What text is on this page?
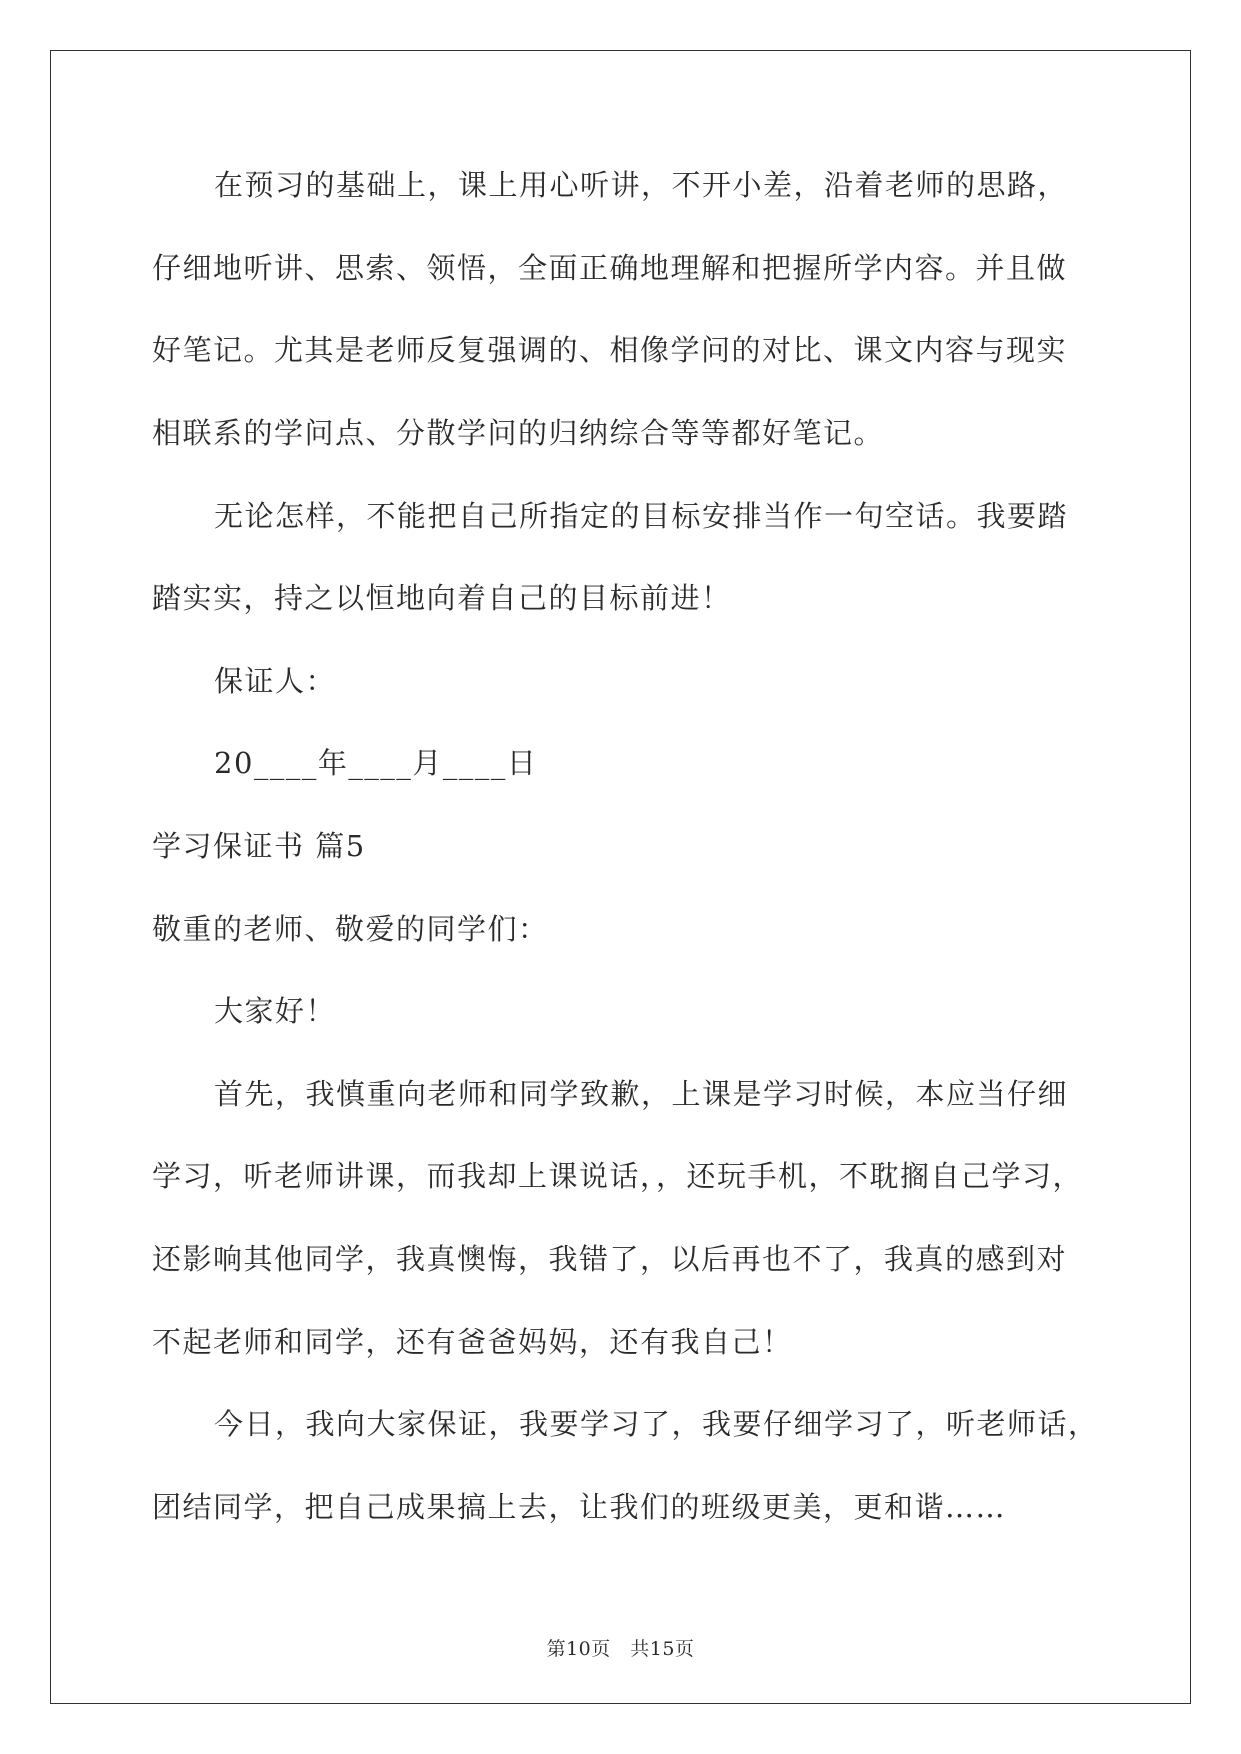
在预习的基础上，课上用心听讲，不开小差，沿着老师的思路，
仔细地听讲、思索、领悟，全面正确地理解和把握所学内容。并且做
好笔记。尤其是老师反复强调的、相像学问的对比、课文内容与现实
相联系的学问点、分散学问的归纳综合等等都好笔记。
无论怎样，不能把自己所指定的目标安排当作一句空话。我要踏
踏实实，持之以恒地向着自己的目标前进！
保证人：
20____年____月____日
学习保证书 篇5
敬重的老师、敬爱的同学们：
大家好！
首先，我慎重向老师和同学致歉，上课是学习时候，本应当仔细
学习，听老师讲课，而我却上课说话，，还玩手机，不耽搁自己学习，
还影响其他同学，我真懊悔，我错了，以后再也不了，我真的感到对
不起老师和同学，还有爸爸妈妈，还有我自己！
今日，我向大家保证，我要学习了，我要仔细学习了，听老师话，
团结同学，把自己成果搞上去，让我们的班级更美，更和谐……
第10页　共15页
